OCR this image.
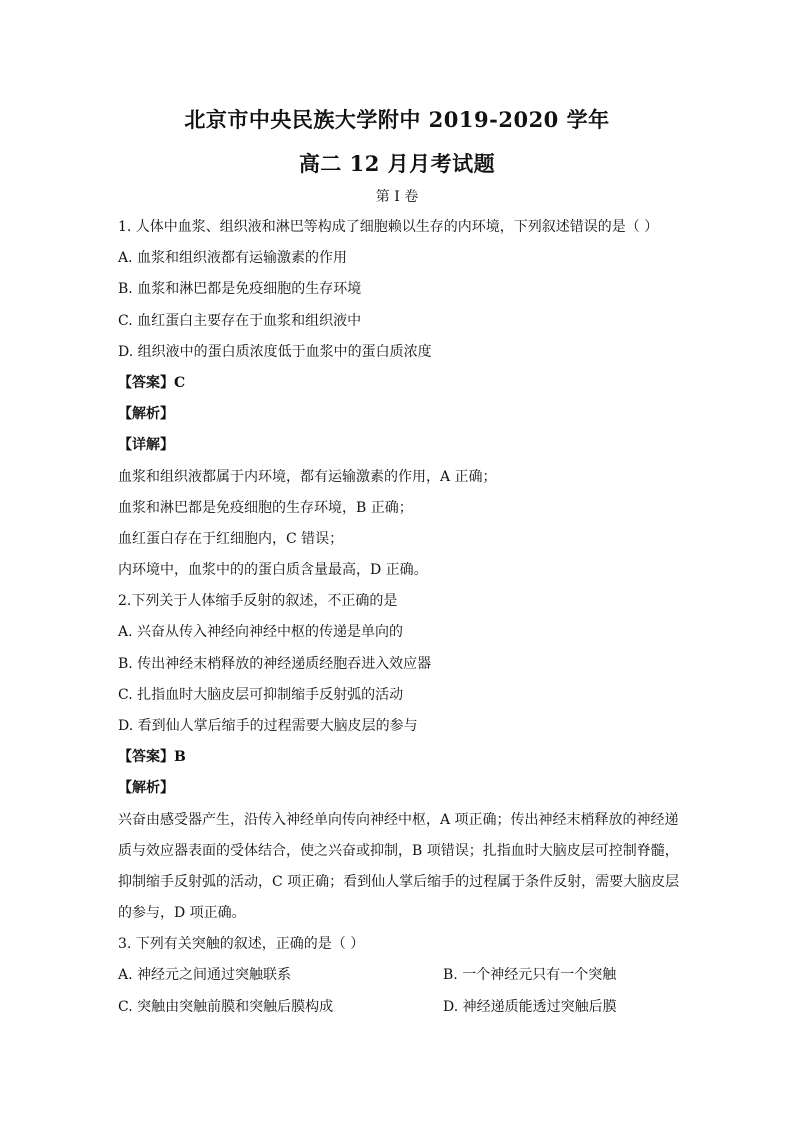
北京市中央民族大学附中 2019-2020 学年
高二 12 月月考试题
第 I 卷
1. 人体中血浆、组织液和淋巴等构成了细胞赖以生存的内环境，下列叙述错误的是（ ）
A. 血浆和组织液都有运输激素的作用
B. 血浆和淋巴都是免疫细胞的生存环境
C. 血红蛋白主要存在于血浆和组织液中
D. 组织液中的蛋白质浓度低于血浆中的蛋白质浓度
【答案】C
【解析】
【详解】
血浆和组织液都属于内环境，都有运输激素的作用，A 正确；
血浆和淋巴都是免疫细胞的生存环境，B 正确；
血红蛋白存在于红细胞内，C 错误；
内环境中，血浆中的的蛋白质含量最高，D 正确。
2.下列关于人体缩手反射的叙述，不正确的是
A. 兴奋从传入神经向神经中枢的传递是单向的
B. 传出神经末梢释放的神经递质经胞吞进入效应器
C. 扎指血时大脑皮层可抑制缩手反射弧的活动
D. 看到仙人掌后缩手的过程需要大脑皮层的参与
【答案】B
【解析】
兴奋由感受器产生，沿传入神经单向传向神经中枢，A 项正确；传出神经末梢释放的神经递
质与效应器表面的受体结合，使之兴奋或抑制，B 项错误；扎指血时大脑皮层可控制脊髓，
抑制缩手反射弧的活动，C 项正确；看到仙人掌后缩手的过程属于条件反射，需要大脑皮层
的参与，D 项正确。
3. 下列有关突触的叙述，正确的是（ ）
A. 神经元之间通过突触联系	B. 一个神经元只有一个突触
C. 突触由突触前膜和突触后膜构成	D. 神经递质能透过突触后膜
